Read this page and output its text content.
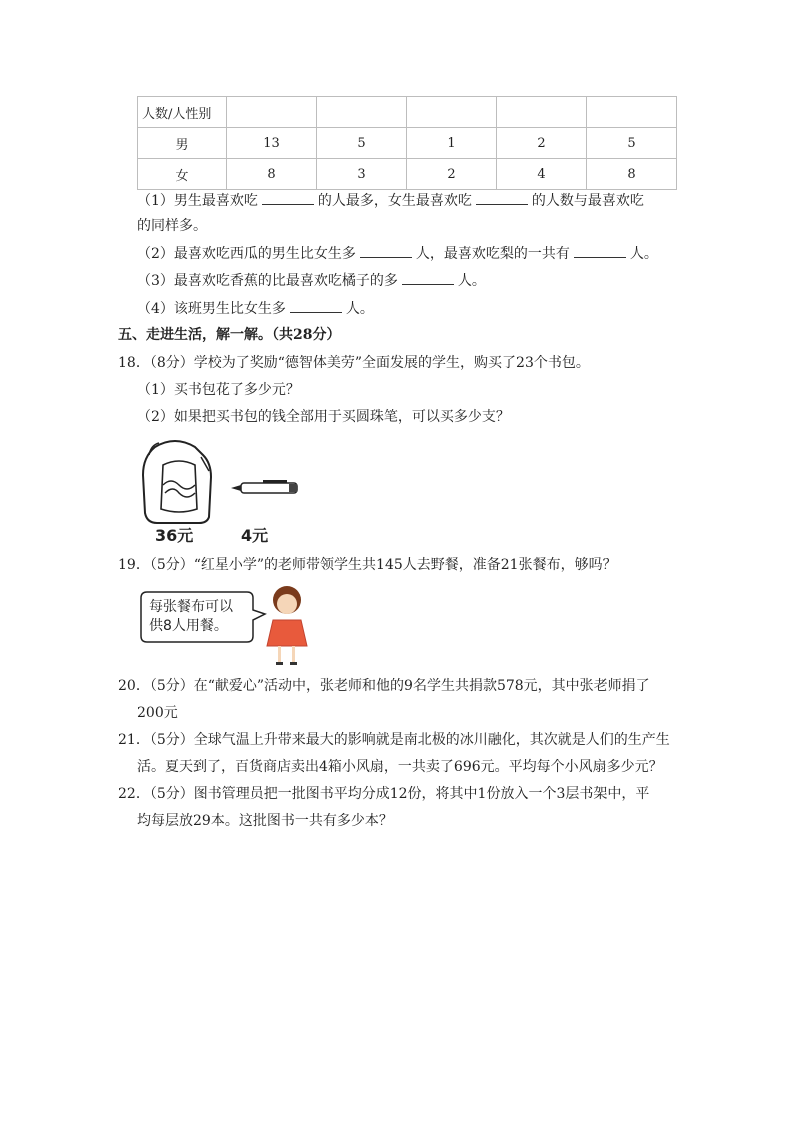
人数/人性别					
男	13	5	1	2	5
女	8	3	2	4	8
（1）男生最喜欢吃	的人最多，女生最喜欢吃	的人数与最喜欢吃
的同样多。
（2）最喜欢吃西瓜的男生比女生多	人，最喜欢吃梨的一共有	人。
（3）最喜欢吃香蕉的比最喜欢吃橘子的多	人。
（4）该班男生比女生多	人。
五、走进生活，解一解。（共28分）
18．（8分）学校为了奖励“德智体美劳”全面发展的学生，购买了23个书包。
（1）买书包花了多少元？
（2）如果把买书包的钱全部用于买圆珠笔，可以买多少支？
36元	4元
19．（5分）“红星小学”的老师带领学生共145人去野餐，准备21张餐布，够吗？
每张餐布可以
供8人用餐。
20．（5分）在“献爱心”活动中，张老师和他的9名学生共捐款578元，其中张老师捐了
200元
21．（5分）全球气温上升带来最大的影响就是南北极的冰川融化，其次就是人们的生产生
活。夏天到了，百货商店卖出4箱小风扇，一共卖了696元。平均每个小风扇多少元？
22．（5分）图书管理员把一批图书平均分成12份，将其中1份放入一个3层书架中，平
均每层放29本。这批图书一共有多少本？
